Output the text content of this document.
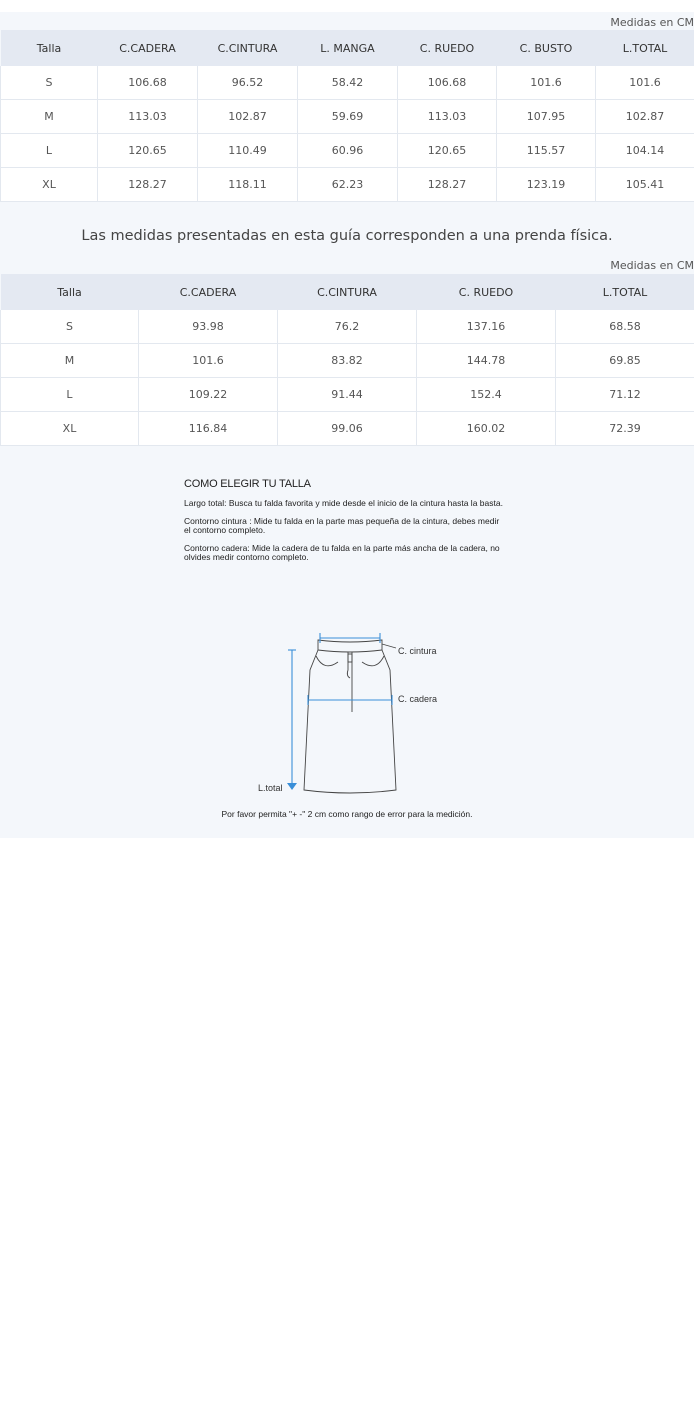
Medidas en CM
Talla	C.CADERA	C.CINTURA	L. MANGA	C. RUEDO	C. BUSTO	L.TOTAL
S	106.68	96.52	58.42	106.68	101.6	101.6
M	113.03	102.87	59.69	113.03	107.95	102.87
L	120.65	110.49	60.96	120.65	115.57	104.14
XL	128.27	118.11	62.23	128.27	123.19	105.41
Las medidas presentadas en esta guía corresponden a una prenda física.
Medidas en CM
Talla	C.CADERA	C.CINTURA	C. RUEDO	L.TOTAL
S	93.98	76.2	137.16	68.58
M	101.6	83.82	144.78	69.85
L	109.22	91.44	152.4	71.12
XL	116.84	99.06	160.02	72.39
COMO ELEGIR TU TALLA

Largo total: Busca tu falda favorita y mide desde el inicio de la cintura hasta la basta.

Contorno cintura : Mide tu falda en la parte mas pequeña de la cintura, debes medir el contorno completo.

Contorno cadera: Mide la cadera de tu falda en la parte más ancha de la cadera, no olvides medir contorno completo.

C. cintura
C. cadera
L.total
Por favor permita "+ -" 2 cm como rango de error para la medición.
